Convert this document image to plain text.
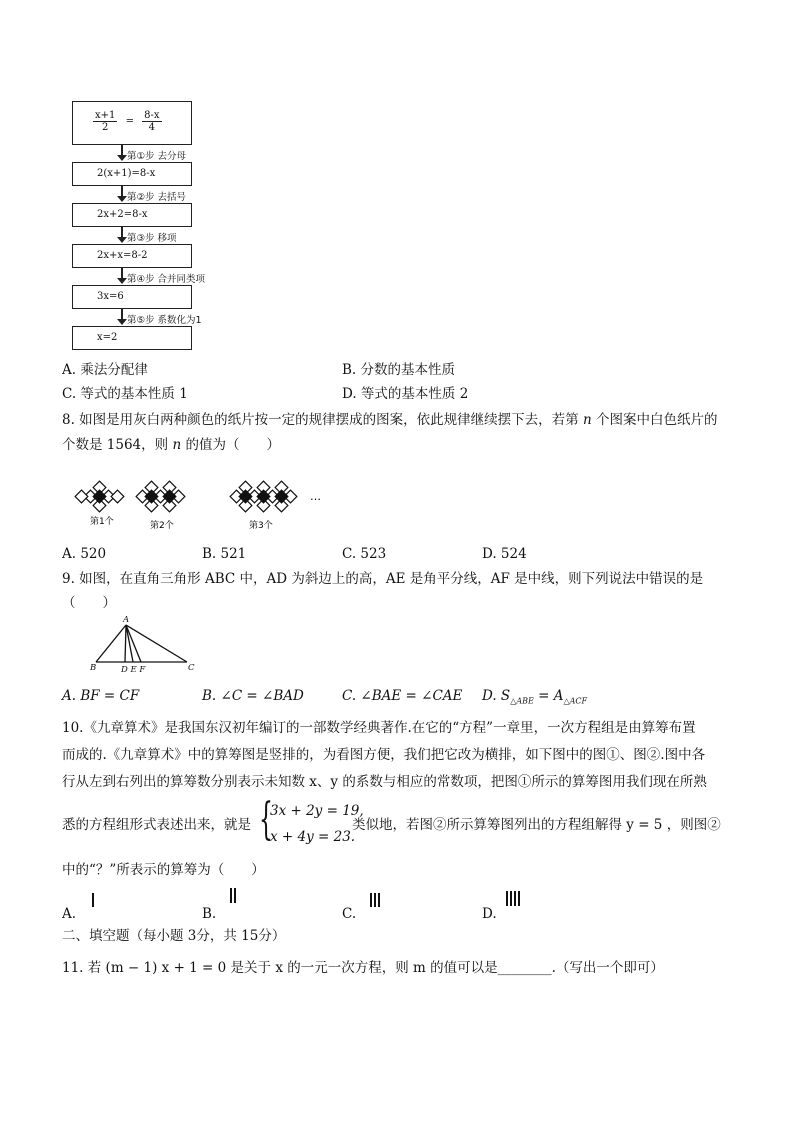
$\frac{x+1}{2} = \frac{8-x}{4}$
第①步 去分母
2(x+1)=8-x
第②步 去括号
2x+2=8-x
第③步 移项
2x+x=8-2
第④步 合并同类项
3x=6
第⑤步 系数化为1
x=2
A. 乘法分配律	B. 分数的基本性质
C. 等式的基本性质 1	D. 等式的基本性质 2
8. 如图是用灰白两种颜色的纸片按一定的规律摆成的图案，依此规律继续摆下去，若第 n 个图案中白色纸片的
个数是 1564，则 n 的值为（　　）
…
第1个	第2个	第3个
A. 520	B. 521	C. 523	D. 524
9. 如图，在直角三角形 ABC 中，AD 为斜边上的高，AE 是角平分线，AF 是中线，则下列说法中错误的是
（　　）
A
B	C
D E F
A. BF = CF	B. ∠C = ∠BAD	C. ∠BAE = ∠CAE D. $S_{\triangle ABE} = A_{\triangle ACF}$
10.《九章算术》是我国东汉初年编订的一部数学经典著作.在它的“方程”一章里，一次方程组是由算筹布置
而成的.《九章算术》中的算筹图是竖排的，为看图方便，我们把它改为横排，如下图中的图①、图②.图中各
行从左到右列出的算筹数分别表示未知数 x、y 的系数与相应的常数项，把图①所示的算筹图用我们现在所熟
悉的方程组形式表述出来，就是 {
3x + 2y = 19,
x + 4y = 23.
类似地，若图②所示算筹图列出的方程组解得 y = 5 ，则图②
中的“？”所表示的算筹为（　　）
A.	B.	C.	D.
二、填空题（每小题 3分，共 15分）
11. 若 (m − 1) x + 1 = 0 是关于 x 的一元一次方程，则 m 的值可以是________.（写出一个即可）
